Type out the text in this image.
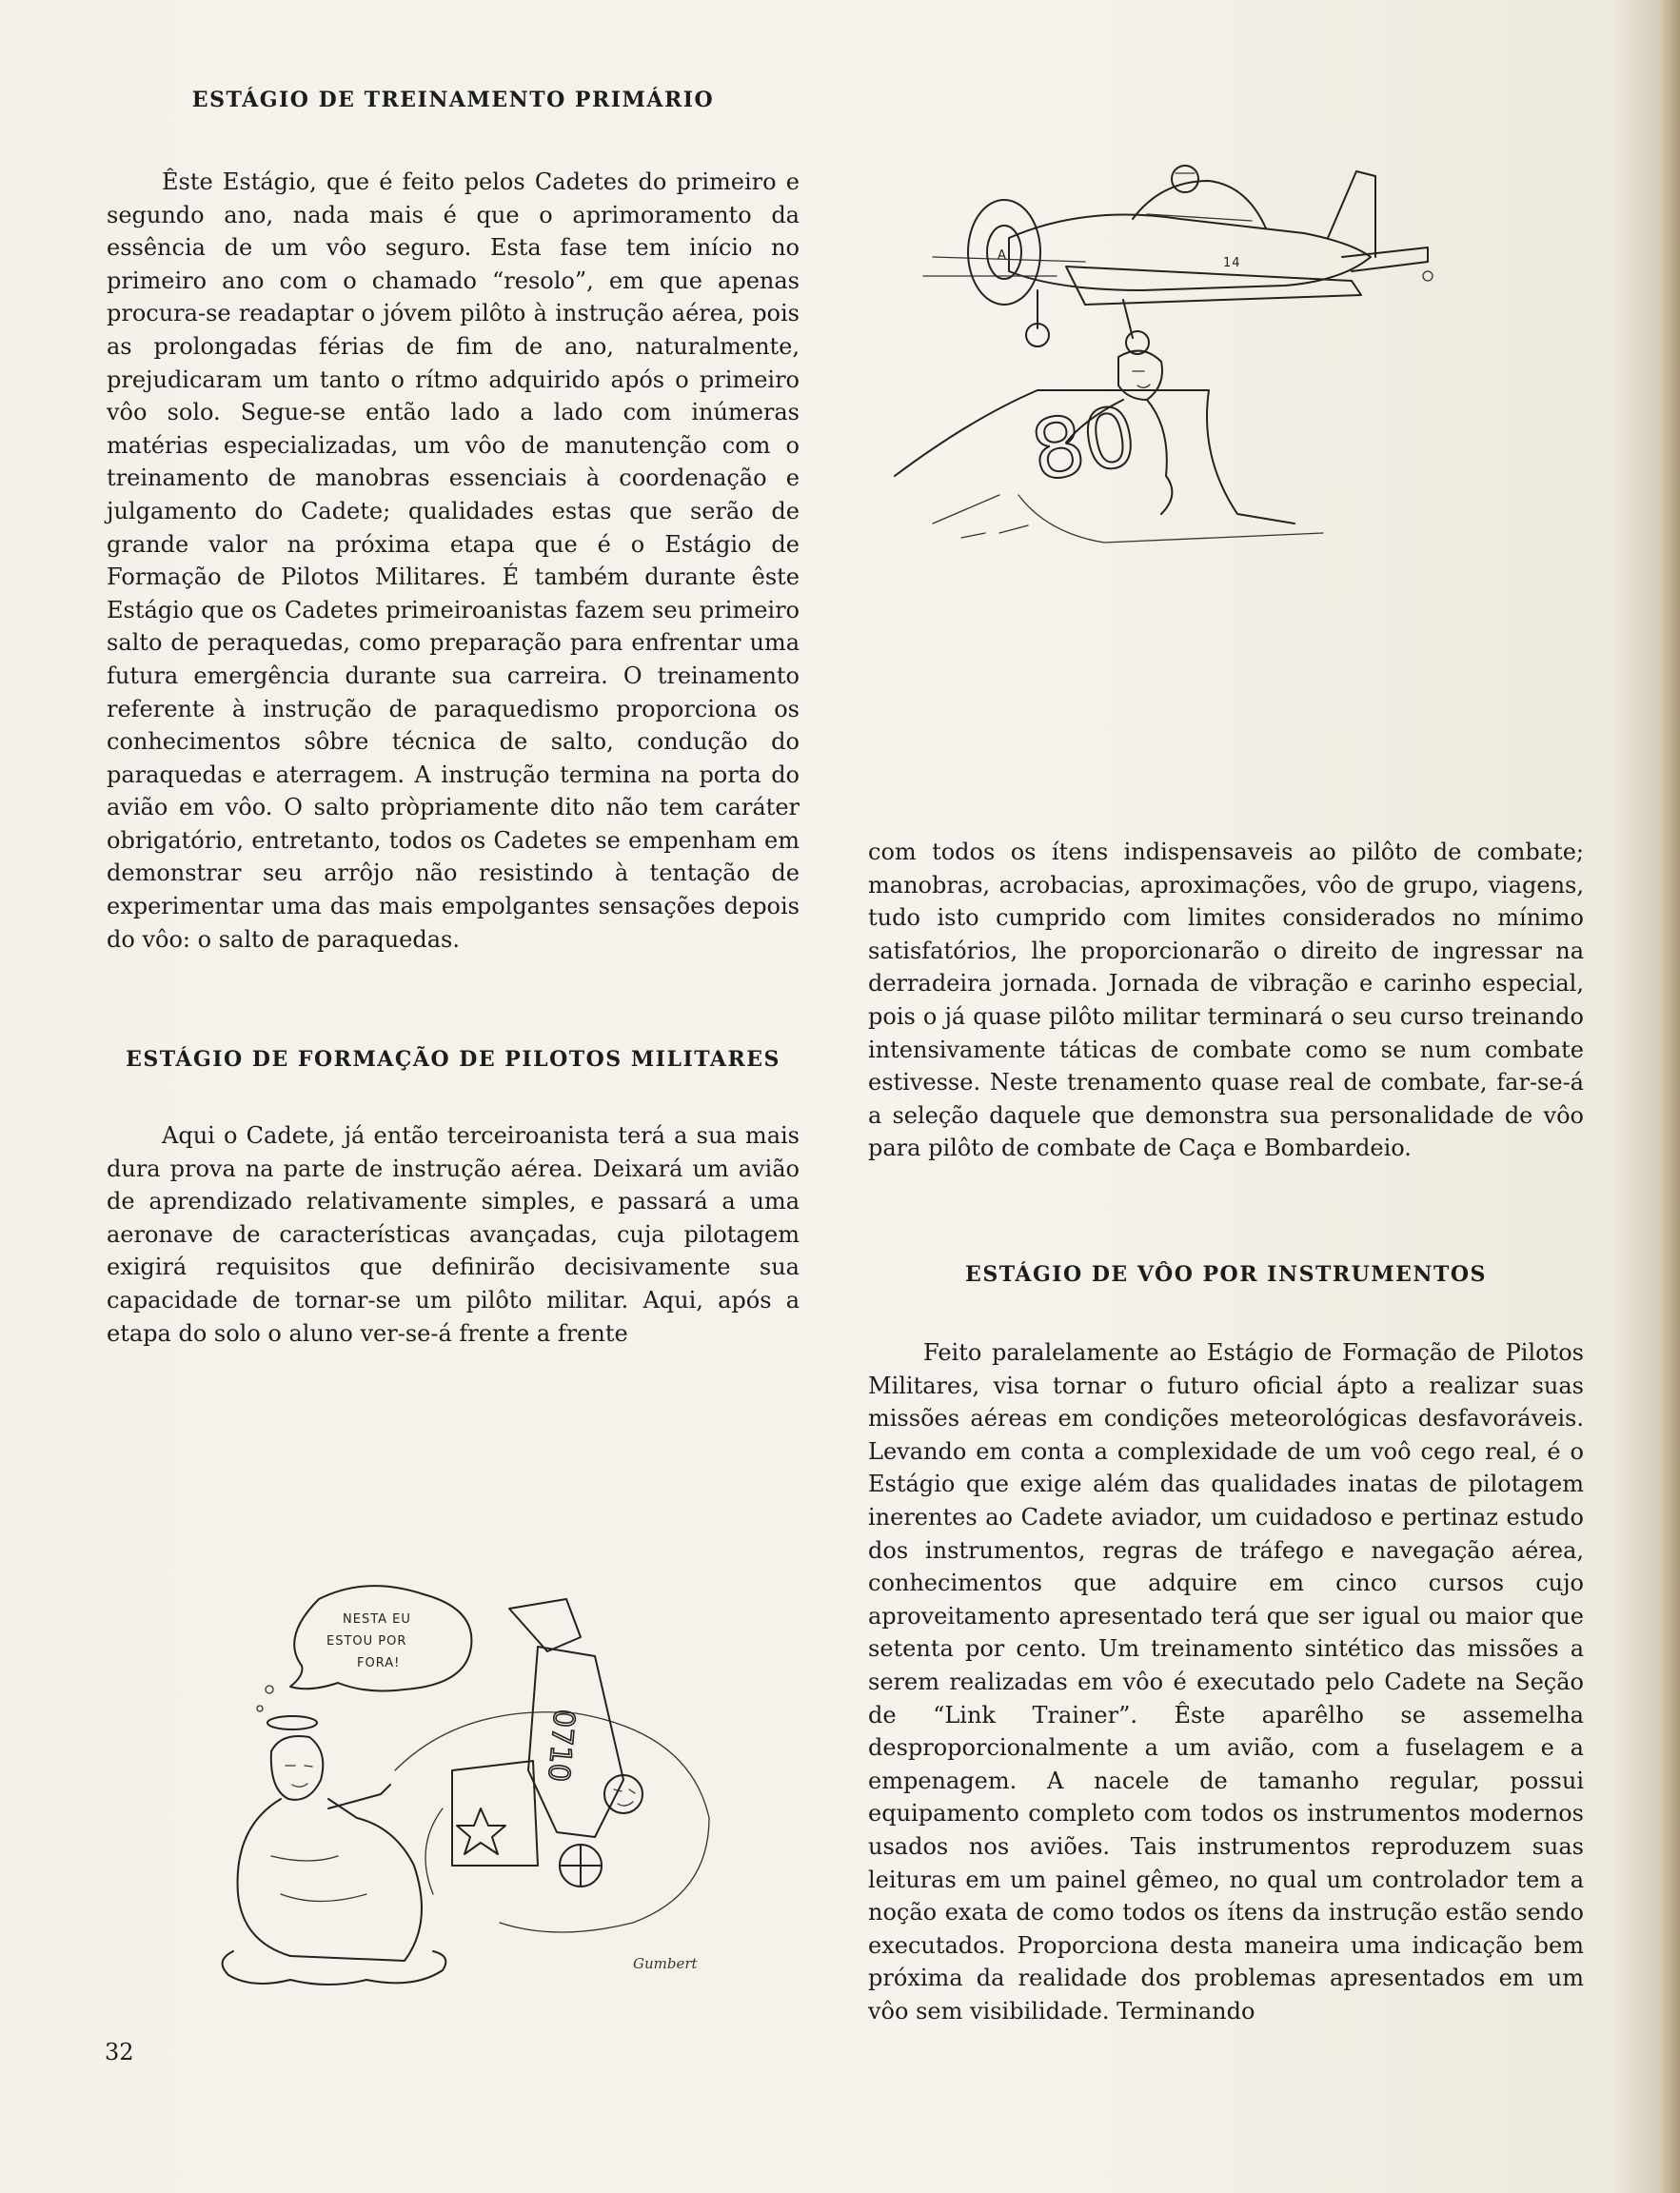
ESTÁGIO DE TREINAMENTO PRIMÁRIO

Êste Estágio, que é feito pelos Cadetes do primeiro e segundo ano, nada mais é que o aprimoramento da essência de um vôo seguro. Esta fase tem início no primeiro ano com o chamado “resolo”, em que apenas procura-se readaptar o jóvem pilôto à instrução aérea, pois as prolongadas férias de fim de ano, naturalmente, prejudicaram um tanto o rítmo adquirido após o primeiro vôo solo. Segue-se então lado a lado com inúmeras matérias especializadas, um vôo de manutenção com o treinamento de manobras essenciais à coordenação e julgamento do Cadete; qualidades estas que serão de grande valor na próxima etapa que é o Estágio de Formação de Pilotos Militares. É também durante êste Estágio que os Cadetes primeiroanistas fazem seu primeiro salto de peraquedas, como preparação para enfrentar uma futura emergência durante sua carreira. O treinamento referente à instrução de paraquedismo proporciona os conhecimentos sôbre técnica de salto, condução do paraquedas e aterragem. A instrução termina na porta do avião em vôo. O salto pròpriamente dito não tem caráter obrigatório, entretanto, todos os Cadetes se empenham em demonstrar seu arrôjo não resistindo à tentação de experimentar uma das mais empolgantes sensações depois do vôo: o salto de paraquedas.

ESTÁGIO DE FORMAÇÃO DE PILOTOS MILITARES

Aqui o Cadete, já então terceiroanista terá a sua mais dura prova na parte de instrução aérea. Deixará um avião de aprendizado relativamente simples, e passará a uma aeronave de características avançadas, cuja pilotagem exigirá requisitos que definirão decisivamente sua capacidade de tornar-se um pilôto militar. Aqui, após a etapa do solo o aluno ver-se-á frente a frente

com todos os ítens indispensaveis ao pilôto de combate; manobras, acrobacias, aproximações, vôo de grupo, viagens, tudo isto cumprido com limites considerados no mínimo satisfatórios, lhe proporcionarão o direito de ingressar na derradeira jornada. Jornada de vibração e carinho especial, pois o já quase pilôto militar terminará o seu curso treinando intensivamente táticas de combate como se num combate estivesse. Neste trenamento quase real de combate, far-se-á a seleção daquele que demonstra sua personalidade de vôo para pilôto de combate de Caça e Bombardeio.

ESTÁGIO DE VÔO POR INSTRUMENTOS

Feito paralelamente ao Estágio de Formação de Pilotos Militares, visa tornar o futuro oficial ápto a realizar suas missões aéreas em condições meteorológicas desfavoráveis. Levando em conta a complexidade de um voô cego real, é o Estágio que exige além das qualidades inatas de pilotagem inerentes ao Cadete aviador, um cuidadoso e pertinaz estudo dos instrumentos, regras de tráfego e navegação aérea, conhecimentos que adquire em cinco cursos cujo aproveitamento apresentado terá que ser igual ou maior que setenta por cento. Um treinamento sintético das missões a serem realizadas em vôo é executado pelo Cadete na Seção de “Link Trainer”. Êste aparêlho se assemelha desproporcionalmente a um avião, com a fuselagem e a empenagem. A nacele de tamanho regular, possui equipamento completo com todos os instrumentos modernos usados nos aviões. Tais instrumentos reproduzem suas leituras em um painel gêmeo, no qual um controlador tem a noção exata de como todos os ítens da instrução estão sendo executados. Proporciona desta maneira uma indicação bem próxima da realidade dos problemas apresentados em um vôo sem visibilidade. Terminando

32
A
14
80
NESTA EU
ESTOU POR
FORA!
Gumbert
0710
